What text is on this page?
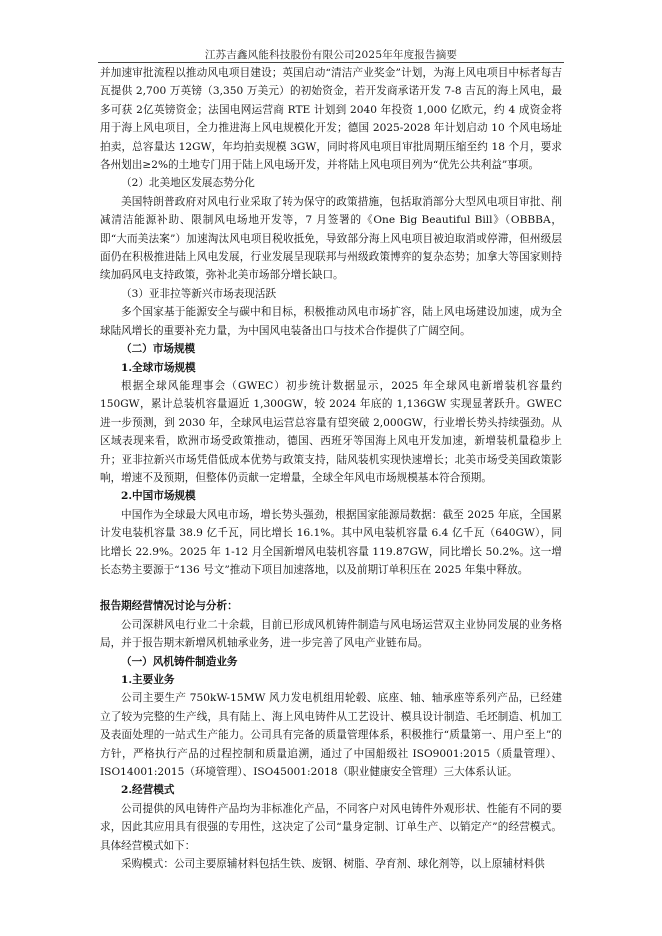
江苏吉鑫风能科技股份有限公司2025年年度报告摘要

并加速审批流程以推动风电项目建设；英国启动“清洁产业奖金”计划，为海上风电项目中标者每吉瓦提供 2,700 万英镑（3,350 万美元）的初始资金，若开发商承诺开发 7-8 吉瓦的海上风电，最多可获 2亿英镑资金；法国电网运营商 RTE 计划到 2040 年投资 1,000 亿欧元，约 4 成资金将用于海上风电项目，全力推进海上风电规模化开发；德国 2025-2028 年计划启动 10 个风电场址拍卖，总容量达 12GW，年均拍卖规模 3GW，同时将风电项目审批周期压缩至约 18 个月，要求各州划出≥2%的土地专门用于陆上风电场开发，并将陆上风电项目列为“优先公共利益”事项。

（2）北美地区发展态势分化

美国特朗普政府对风电行业采取了转为保守的政策措施，包括取消部分大型风电项目审批、削减清洁能源补助、限制风电场地开发等，7 月签署的《One Big Beautiful Bill》（OBBBA，即“大而美法案”）加速淘汰风电项目税收抵免，导致部分海上风电项目被迫取消或停滞，但州级层面仍在积极推进陆上风电发展，行业发展呈现联邦与州级政策博弈的复杂态势；加拿大等国家则持续加码风电支持政策，弥补北美市场部分增长缺口。

（3）亚非拉等新兴市场表现活跃

多个国家基于能源安全与碳中和目标，积极推动风电市场扩容，陆上风电场建设加速，成为全球陆风增长的重要补充力量，为中国风电装备出口与技术合作提供了广阔空间。

（二）市场规模

1.全球市场规模

根据全球风能理事会（GWEC）初步统计数据显示，2025 年全球风电新增装机容量约 150GW，累计总装机容量逼近 1,300GW，较 2024 年底的 1,136GW 实现显著跃升。GWEC 进一步预测，到 2030 年，全球风电运营总容量有望突破 2,000GW，行业增长势头持续强劲。从区域表现来看，欧洲市场受政策推动，德国、西班牙等国海上风电开发加速，新增装机量稳步上升；亚非拉新兴市场凭借低成本优势与政策支持，陆风装机实现快速增长；北美市场受美国政策影响，增速不及预期，但整体仍贡献一定增量，全球全年风电市场规模基本符合预期。

2.中国市场规模

中国作为全球最大风电市场，增长势头强劲，根据国家能源局数据：截至 2025 年底，全国累计发电装机容量 38.9 亿千瓦，同比增长 16.1%。其中风电装机容量 6.4 亿千瓦（640GW），同比增长 22.9%。2025 年 1-12 月全国新增风电装机容量 119.87GW，同比增长 50.2%。这一增长态势主要源于“136 号文”推动下项目加速落地，以及前期订单积压在 2025 年集中释放。

报告期经营情况讨论与分析：

公司深耕风电行业二十余载，目前已形成风机铸件制造与风电场运营双主业协同发展的业务格局，并于报告期末新增风机轴承业务，进一步完善了风电产业链布局。

（一）风机铸件制造业务

1.主要业务

公司主要生产 750kW-15MW 风力发电机组用轮毂、底座、轴、轴承座等系列产品，已经建立了较为完整的生产线，具有陆上、海上风电铸件从工艺设计、模具设计制造、毛坯制造、机加工及表面处理的一站式生产能力。公司具有完备的质量管理体系，积极推行“质量第一、用户至上”的方针，严格执行产品的过程控制和质量追溯，通过了中国船级社 ISO9001:2015（质量管理）、ISO14001:2015（环境管理）、ISO45001:2018（职业健康安全管理）三大体系认证。

2.经营模式

公司提供的风电铸件产品均为非标准化产品，不同客户对风电铸件外观形状、性能有不同的要求，因此其应用具有很强的专用性，这决定了公司“量身定制、订单生产、以销定产”的经营模式。具体经营模式如下：

采购模式：公司主要原辅材料包括生铁、废钢、树脂、孕育剂、球化剂等，以上原辅材料供
